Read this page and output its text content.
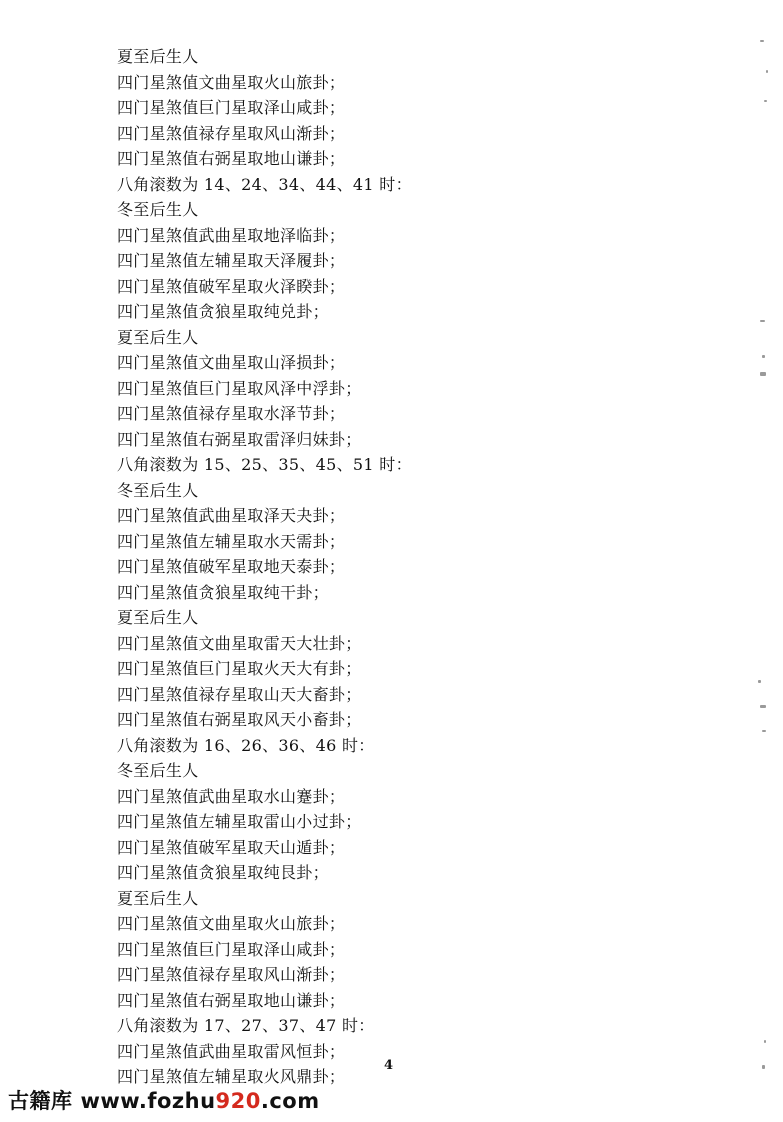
夏至后生人
四门星煞值文曲星取火山旅卦；
四门星煞值巨门星取泽山咸卦；
四门星煞值禄存星取风山渐卦；
四门星煞值右弼星取地山谦卦；
八角滚数为 14、24、34、44、41 时：
冬至后生人
四门星煞值武曲星取地泽临卦；
四门星煞值左辅星取天泽履卦；
四门星煞值破军星取火泽睽卦；
四门星煞值贪狼星取纯兑卦；
夏至后生人
四门星煞值文曲星取山泽损卦；
四门星煞值巨门星取风泽中浮卦；
四门星煞值禄存星取水泽节卦；
四门星煞值右弼星取雷泽归妹卦；
八角滚数为 15、25、35、45、51 时：
冬至后生人
四门星煞值武曲星取泽天夬卦；
四门星煞值左辅星取水天需卦；
四门星煞值破军星取地天泰卦；
四门星煞值贪狼星取纯干卦；
夏至后生人
四门星煞值文曲星取雷天大壮卦；
四门星煞值巨门星取火天大有卦；
四门星煞值禄存星取山天大畜卦；
四门星煞值右弼星取风天小畜卦；
八角滚数为 16、26、36、46 时：
冬至后生人
四门星煞值武曲星取水山蹇卦；
四门星煞值左辅星取雷山小过卦；
四门星煞值破军星取天山遁卦；
四门星煞值贪狼星取纯艮卦；
夏至后生人
四门星煞值文曲星取火山旅卦；
四门星煞值巨门星取泽山咸卦；
四门星煞值禄存星取风山渐卦；
四门星煞值右弼星取地山谦卦；
八角滚数为 17、27、37、47 时：
四门星煞值武曲星取雷风恒卦；
四门星煞值左辅星取火风鼎卦；
4
古籍库 www.fozhu920.com
